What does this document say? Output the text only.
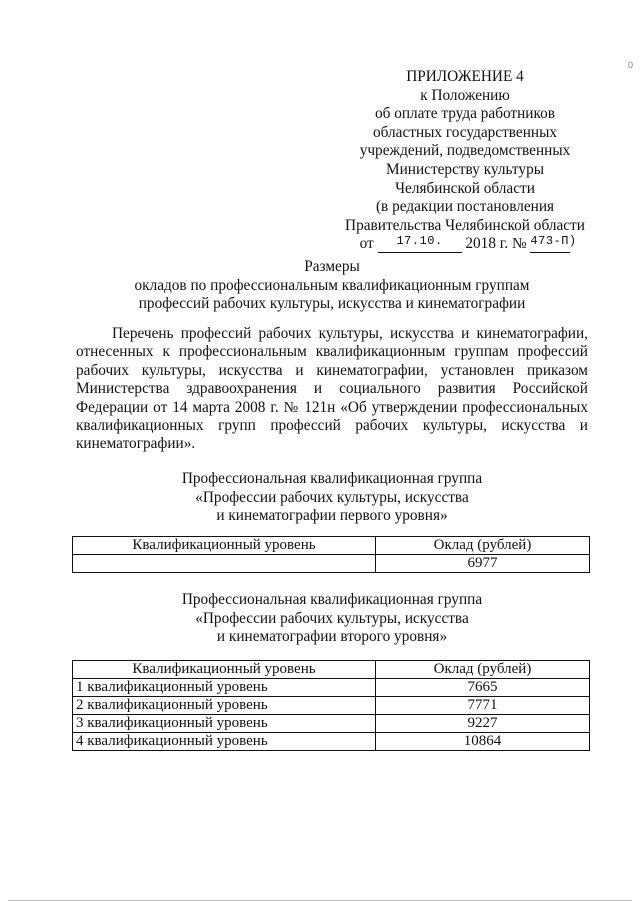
0
ПРИЛОЖЕНИЕ 4
к Положению
об оплате труда работников
областных государственных
учреждений, подведомственных
Министерству культуры
Челябинской области
(в редакции постановления
Правительства Челябинской области
от $^{17.10.}$ 2018 г. № $^{473-П)}$
Размеры
окладов по профессиональным квалификационным группам
профессий рабочих культуры, искусства и кинематографии
Перечень профессий рабочих культуры, искусства и кинематографии, отнесенных к профессиональным квалификационным группам профессий рабочих культуры, искусства и кинематографии, установлен приказом Министерства здравоохранения и социального развития Российской Федерации от 14 марта 2008 г. № 121н «Об утверждении профессиональных квалификационных групп профессий рабочих культуры, искусства и кинематографии».
Профессиональная квалификационная группа
«Профессии рабочих культуры, искусства
и кинематографии первого уровня»
Квалификационный уровень	Оклад (рублей)
	6977
Профессиональная квалификационная группа
«Профессии рабочих культуры, искусства
и кинематографии второго уровня»
Квалификационный уровень	Оклад (рублей)
1 квалификационный уровень	7665
2 квалификационный уровень	7771
3 квалификационный уровень	9227
4 квалификационный уровень	10864
